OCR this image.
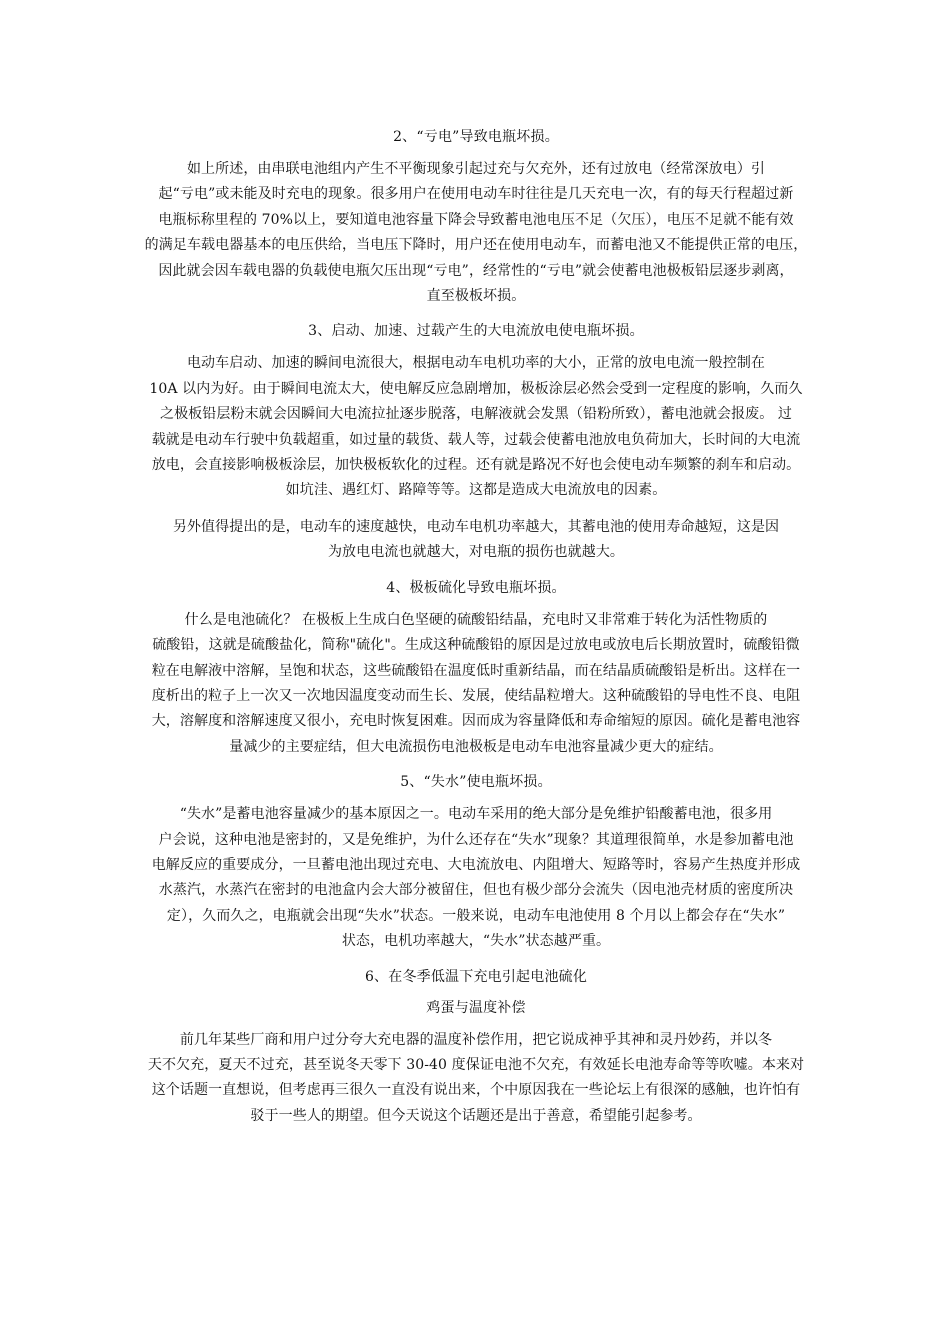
2、“亏电”导致电瓶坏损。
如上所述，由串联电池组内产生不平衡现象引起过充与欠充外，还有过放电（经常深放电）引
起“亏电”或未能及时充电的现象。很多用户在使用电动车时往往是几天充电一次，有的每天行程超过新
电瓶标称里程的 70%以上，要知道电池容量下降会导致蓄电池电压不足（欠压），电压不足就不能有效
的满足车载电器基本的电压供给，当电压下降时，用户还在使用电动车，而蓄电池又不能提供正常的电压，
因此就会因车载电器的负载使电瓶欠压出现“亏电”，经常性的“亏电”就会使蓄电池极板铅层逐步剥离，
直至极板坏损。
3、启动、加速、过载产生的大电流放电使电瓶坏损。
电动车启动、加速的瞬间电流很大，根据电动车电机功率的大小，正常的放电电流一般控制在
10A 以内为好。由于瞬间电流太大，使电解反应急剧增加，极板涂层必然会受到一定程度的影响，久而久
之极板铅层粉末就会因瞬间大电流拉扯逐步脱落，电解液就会发黑（铅粉所致），蓄电池就会报废。 过
载就是电动车行驶中负载超重，如过量的载货、载人等，过载会使蓄电池放电负荷加大，长时间的大电流
放电，会直接影响极板涂层，加快极板软化的过程。还有就是路况不好也会使电动车频繁的刹车和启动。
如坑洼、遇红灯、路障等等。这都是造成大电流放电的因素。
另外值得提出的是，电动车的速度越快，电动车电机功率越大，其蓄电池的使用寿命越短，这是因
为放电电流也就越大，对电瓶的损伤也就越大。
4、极板硫化导致电瓶坏损。
什么是电池硫化？ 在极板上生成白色坚硬的硫酸铅结晶，充电时又非常难于转化为活性物质的
硫酸铅，这就是硫酸盐化，简称"硫化"。生成这种硫酸铅的原因是过放电或放电后长期放置时，硫酸铅微
粒在电解液中溶解，呈饱和状态，这些硫酸铅在温度低时重新结晶，而在结晶质硫酸铅是析出。这样在一
度析出的粒子上一次又一次地因温度变动而生长、发展，使结晶粒增大。这种硫酸铅的导电性不良、电阻
大，溶解度和溶解速度又很小，充电时恢复困难。因而成为容量降低和寿命缩短的原因。硫化是蓄电池容
量减少的主要症结，但大电流损伤电池极板是电动车电池容量减少更大的症结。
5、“失水”使电瓶坏损。
“失水”是蓄电池容量减少的基本原因之一。电动车采用的绝大部分是免维护铅酸蓄电池，很多用
户会说，这种电池是密封的，又是免维护，为什么还存在“失水”现象？其道理很简单，水是参加蓄电池
电解反应的重要成分，一旦蓄电池出现过充电、大电流放电、内阻增大、短路等时，容易产生热度并形成
水蒸汽，水蒸汽在密封的电池盒内会大部分被留住，但也有极少部分会流失（因电池壳材质的密度所决
定），久而久之，电瓶就会出现“失水”状态。一般来说，电动车电池使用 8 个月以上都会存在“失水”
状态，电机功率越大，“失水”状态越严重。
6、在冬季低温下充电引起电池硫化
鸡蛋与温度补偿
前几年某些厂商和用户过分夸大充电器的温度补偿作用，把它说成神乎其神和灵丹妙药，并以冬
天不欠充，夏天不过充，甚至说冬天零下 30-40 度保证电池不欠充，有效延长电池寿命等等吹嘘。本来对
这个话题一直想说，但考虑再三很久一直没有说出来，个中原因我在一些论坛上有很深的感触，也许怕有
驳于一些人的期望。但今天说这个话题还是出于善意，希望能引起参考。
